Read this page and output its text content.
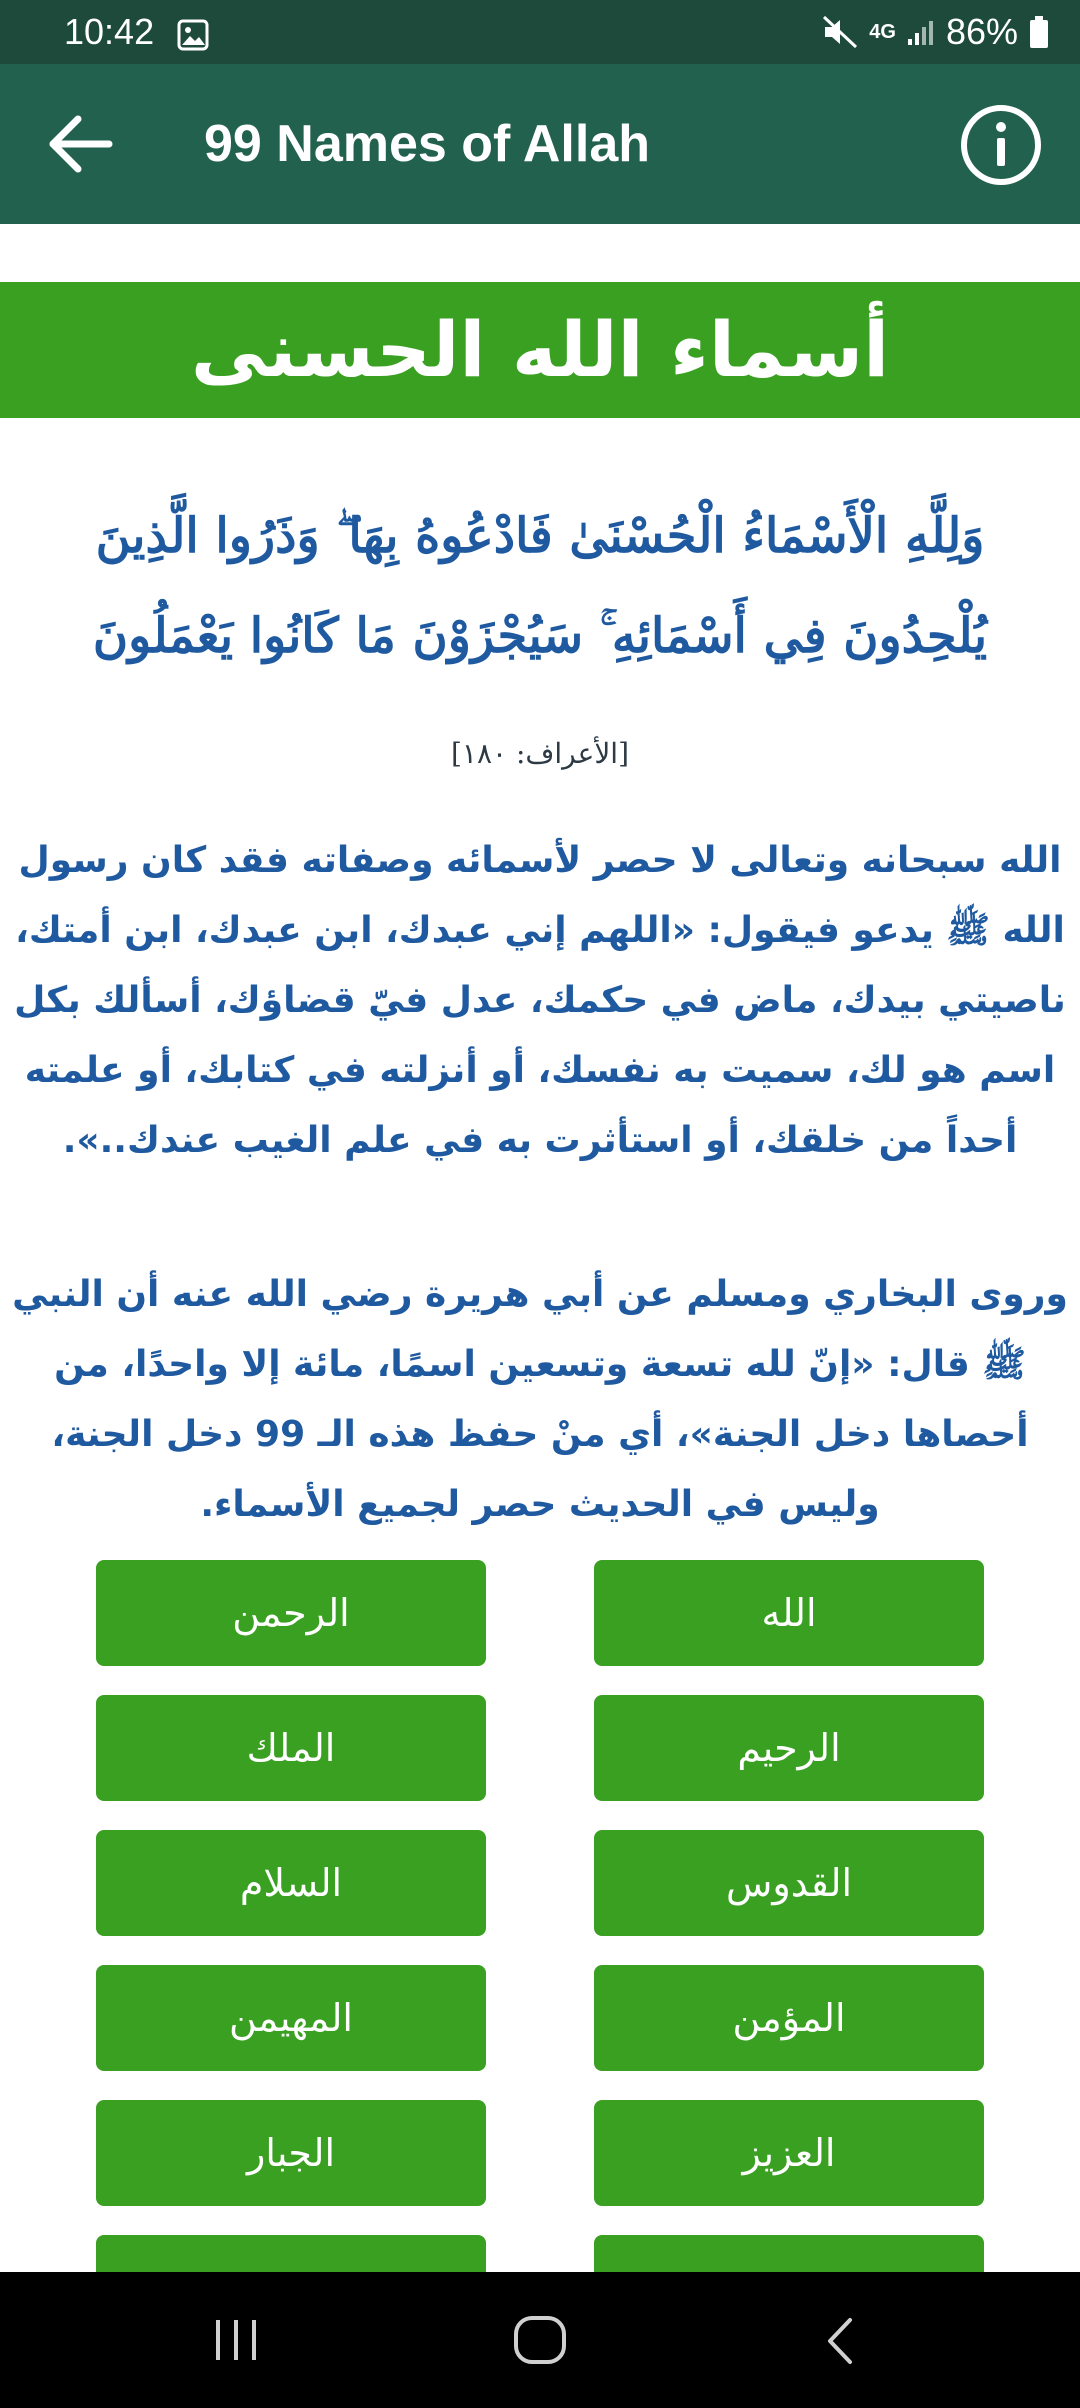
10:42	4G 86%
99 Names of Allah
أسماء الله الحسنى
وَلِلَّهِ الْأَسْمَاءُ الْحُسْنَىٰ فَادْعُوهُ بِهَا ۖ وَذَرُوا الَّذِينَ
يُلْحِدُونَ فِي أَسْمَائِهِ ۚ سَيُجْزَوْنَ مَا كَانُوا يَعْمَلُونَ
[الأعراف: ١٨٠]
الله سبحانه وتعالى لا حصر لأسمائه وصفاته فقد كان رسول الله ﷺ يدعو فيقول: «اللهم إني عبدك، ابن عبدك، ابن أمتك، ناصيتي بيدك، ماض في حكمك، عدل فيّ قضاؤك، أسألك بكل اسم هو لك، سميت به نفسك، أو أنزلته في كتابك، أو علمته أحداً من خلقك، أو استأثرت به في علم الغيب عندك..».
وروى البخاري ومسلم عن أبي هريرة رضي الله عنه أن النبي ﷺ قال: «إنّ لله تسعة وتسعين اسمًا، مائة إلا واحدًا، من أحصاها دخل الجنة»، أي منْ حفظ هذه الـ 99 دخل الجنة، وليس في الحديث حصر لجميع الأسماء.
الله
الرحمن
الرحيم
الملك
القدوس
السلام
المؤمن
المهيمن
العزيز
الجبار
